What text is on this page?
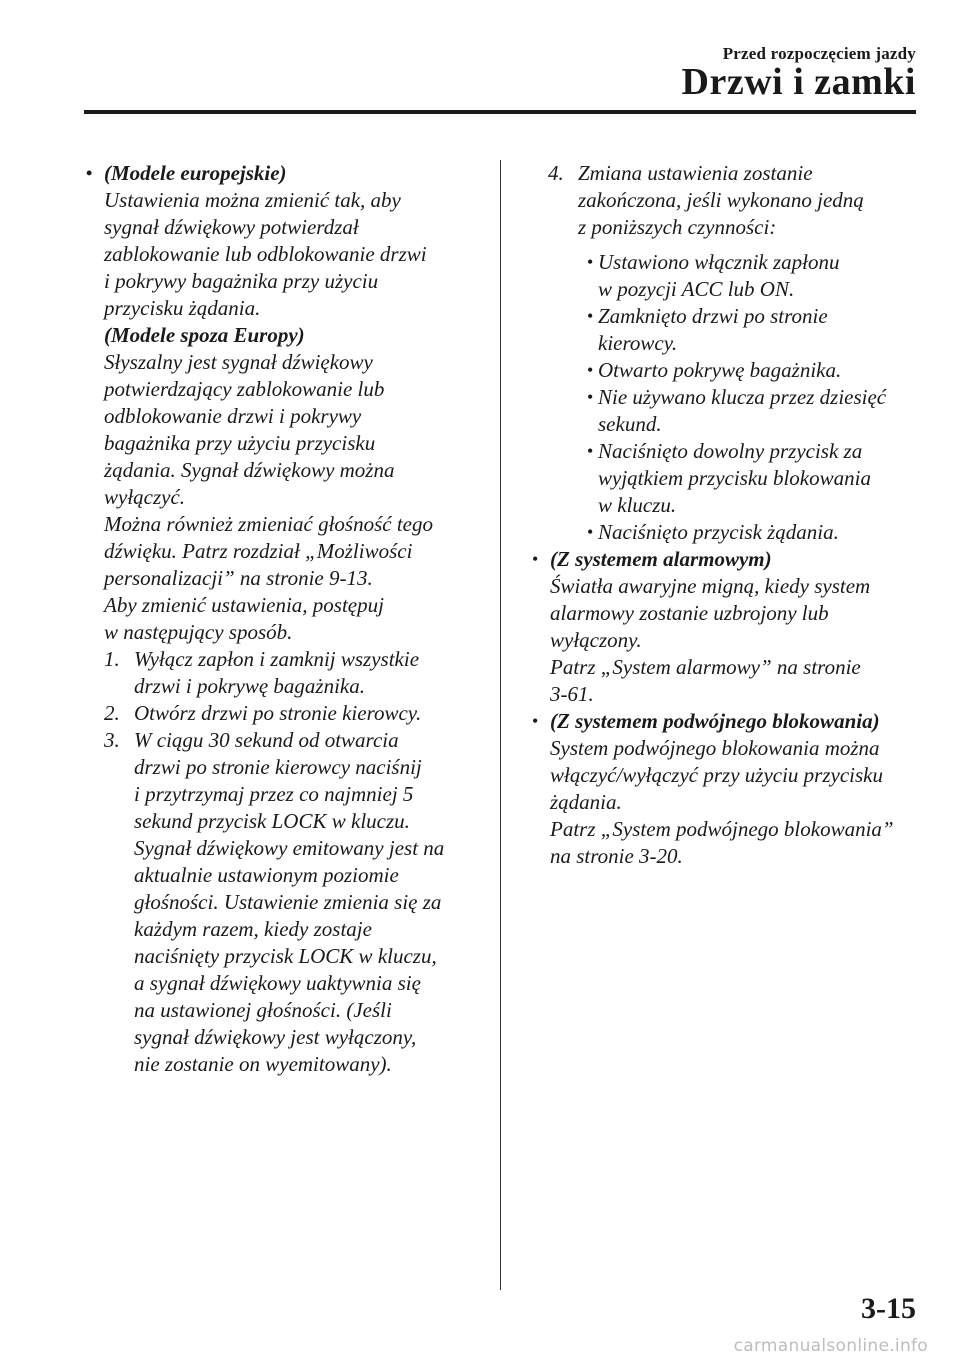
Przed rozpoczęciem jazdy
Drzwi i zamki
• (Modele europejskie)
Ustawienia można zmienić tak, aby
sygnał dźwiękowy potwierdzał
zablokowanie lub odblokowanie drzwi
i pokrywy bagażnika przy użyciu
przycisku żądania.
(Modele spoza Europy)
Słyszalny jest sygnał dźwiękowy
potwierdzający zablokowanie lub
odblokowanie drzwi i pokrywy
bagażnika przy użyciu przycisku
żądania. Sygnał dźwiękowy można
wyłączyć.
Można również zmieniać głośność tego
dźwięku. Patrz rozdział „Możliwości
personalizacji” na stronie 9-13.
Aby zmienić ustawienia, postępuj
w następujący sposób.
1. Wyłącz zapłon i zamknij wszystkie
drzwi i pokrywę bagażnika.
2. Otwórz drzwi po stronie kierowcy.
3. W ciągu 30 sekund od otwarcia
drzwi po stronie kierowcy naciśnij
i przytrzymaj przez co najmniej 5
sekund przycisk LOCK w kluczu.
Sygnał dźwiękowy emitowany jest na
aktualnie ustawionym poziomie
głośności. Ustawienie zmienia się za
każdym razem, kiedy zostaje
naciśnięty przycisk LOCK w kluczu,
a sygnał dźwiękowy uaktywnia się
na ustawionej głośności. (Jeśli
sygnał dźwiękowy jest wyłączony,
nie zostanie on wyemitowany).
4. Zmiana ustawienia zostanie
zakończona, jeśli wykonano jedną
z poniższych czynności:
• Ustawiono włącznik zapłonu
w pozycji ACC lub ON.
• Zamknięto drzwi po stronie
kierowcy.
• Otwarto pokrywę bagażnika.
• Nie używano klucza przez dziesięć
sekund.
• Naciśnięto dowolny przycisk za
wyjątkiem przycisku blokowania
w kluczu.
• Naciśnięto przycisk żądania.
• (Z systemem alarmowym)
Światła awaryjne migną, kiedy system
alarmowy zostanie uzbrojony lub
wyłączony.
Patrz „System alarmowy” na stronie
3-61.
• (Z systemem podwójnego blokowania)
System podwójnego blokowania można
włączyć/wyłączyć przy użyciu przycisku
żądania.
Patrz „System podwójnego blokowania”
na stronie 3-20.
3-15
carmanualsonline.info
